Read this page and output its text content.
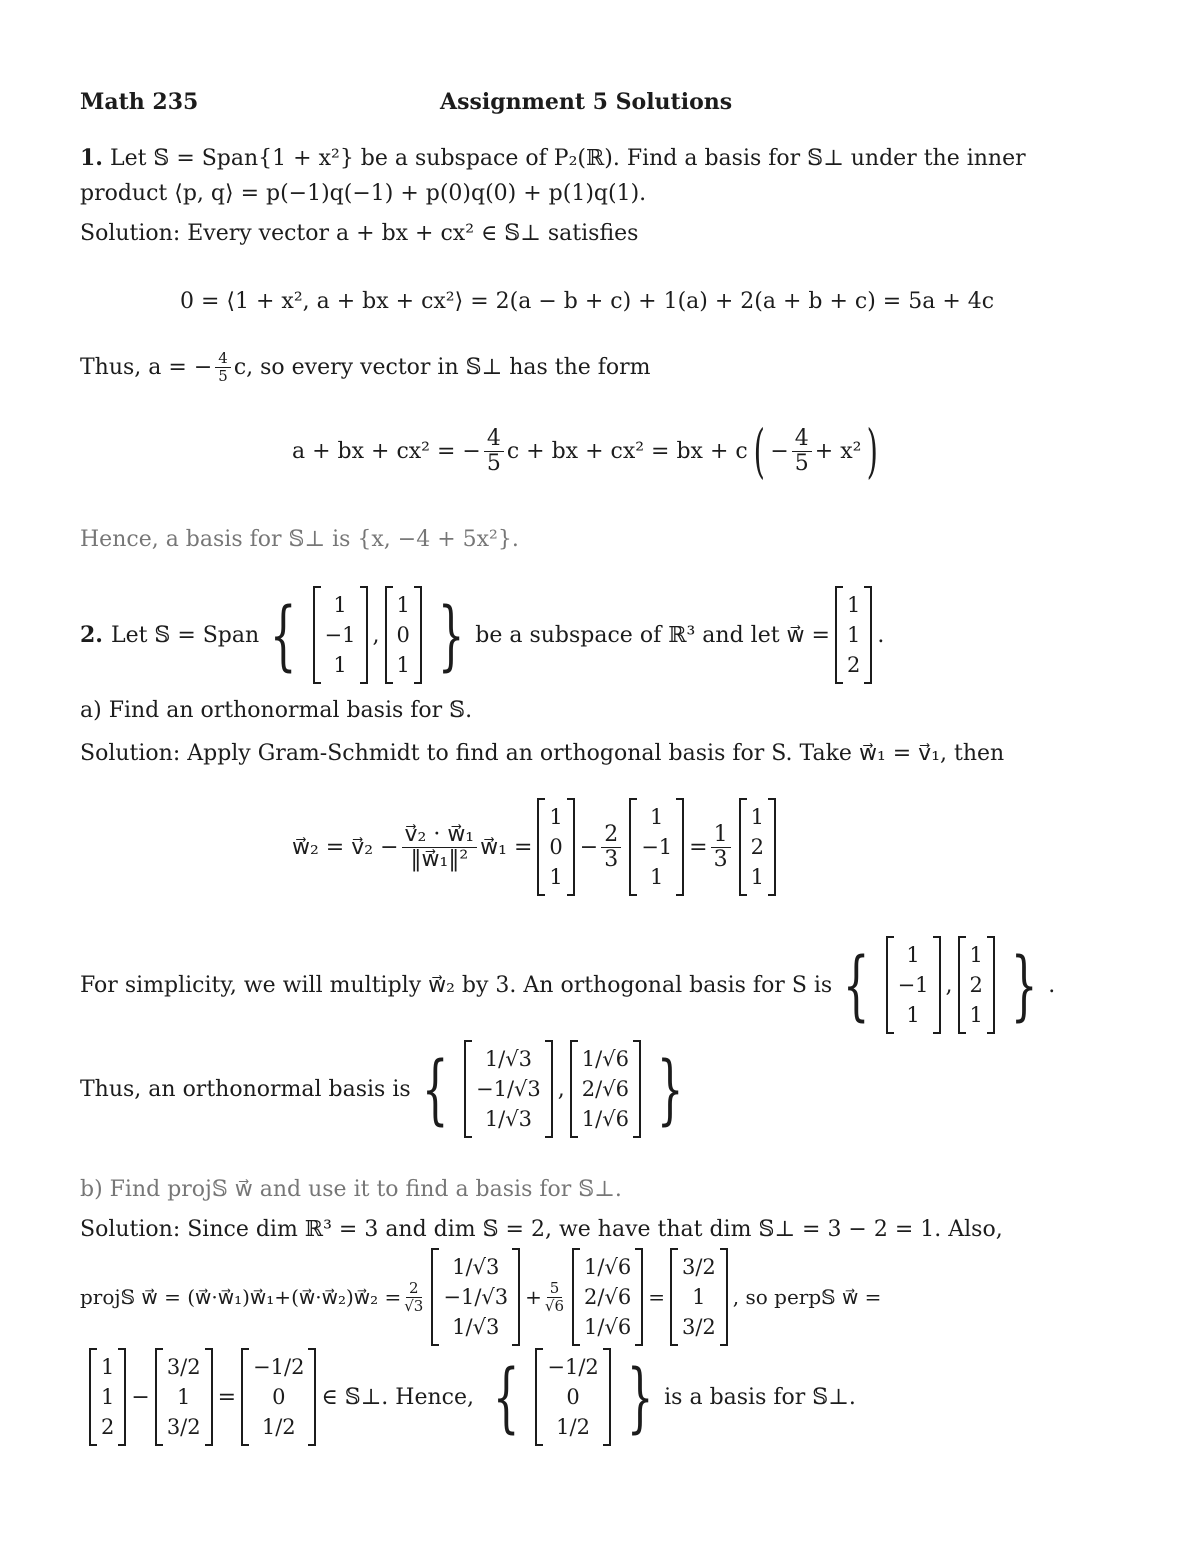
Math 235	Assignment 5 Solutions
1. Let 𝕊 = Span{1 + x²} be a subspace of P₂(ℝ). Find a basis for 𝕊⊥ under the inner
product ⟨p, q⟩ = p(−1)q(−1) + p(0)q(0) + p(1)q(1).
Solution: Every vector a + bx + cx² ∈ 𝕊⊥ satisfies
0 = ⟨1 + x², a + bx + cx²⟩ = 2(a − b + c) + 1(a) + 2(a + b + c) = 5a + 4c
Thus, a = − $\frac{4}{5} c$, so every vector in 𝕊⊥ has the form
a + bx + cx² = − $\frac{4}{5}$ c + bx + cx² = bx + c ( − $\frac{4}{5} + x^2$ )
Hence, a basis for 𝕊⊥ is {x, −4 + 5x²}.
2. Let 𝕊 = Span {	1
−1
1
,
1
0
1 } be a subspace of ℝ³ and let w⃗ =
1
1
2
.
a) Find an orthonormal basis for 𝕊.
Solution: Apply Gram-Schmidt to find an orthogonal basis for S. Take w⃗₁ = v⃗₁, then
w⃗₂ = v⃗₂ − $\frac{\text{v⃗₂ · w⃗₁}}{\text{‖w⃗₁‖²}}$ w⃗₁ =
1
0
1
− $\frac{2}{3}$
1
−1
1
= $\frac{1}{3}$
1
2
1
For simplicity, we will multiply w⃗₂ by 3. An orthogonal basis for S is {	1
−1
1
,
1
2
1 } .
Thus, an orthonormal basis is {	1/√3
−1/√3
1/√3
,
1/√6
2/√6
1/√6 }
b) Find proj𝕊 w⃗ and use it to find a basis for 𝕊⊥.
Solution: Since dim ℝ³ = 3 and dim 𝕊 = 2, we have that dim 𝕊⊥ = 3 − 2 = 1. Also,
proj𝕊 w⃗ = (w⃗·w⃗₁)w⃗₁+(w⃗·w⃗₂)w⃗₂ = $\frac{2}{√3}$
1/√3
−1/√3
1/√3
+ $\frac{5}{√6}$
1/√6
2/√6
1/√6
=
3/2
1
3/2
, so perp𝕊 w⃗ =
1
1
2
−
3/2
1
3/2
=
−1/2
0
1/2
∈ 𝕊⊥. Hence, { −1/2
0
1/2 } is a basis for 𝕊⊥.
